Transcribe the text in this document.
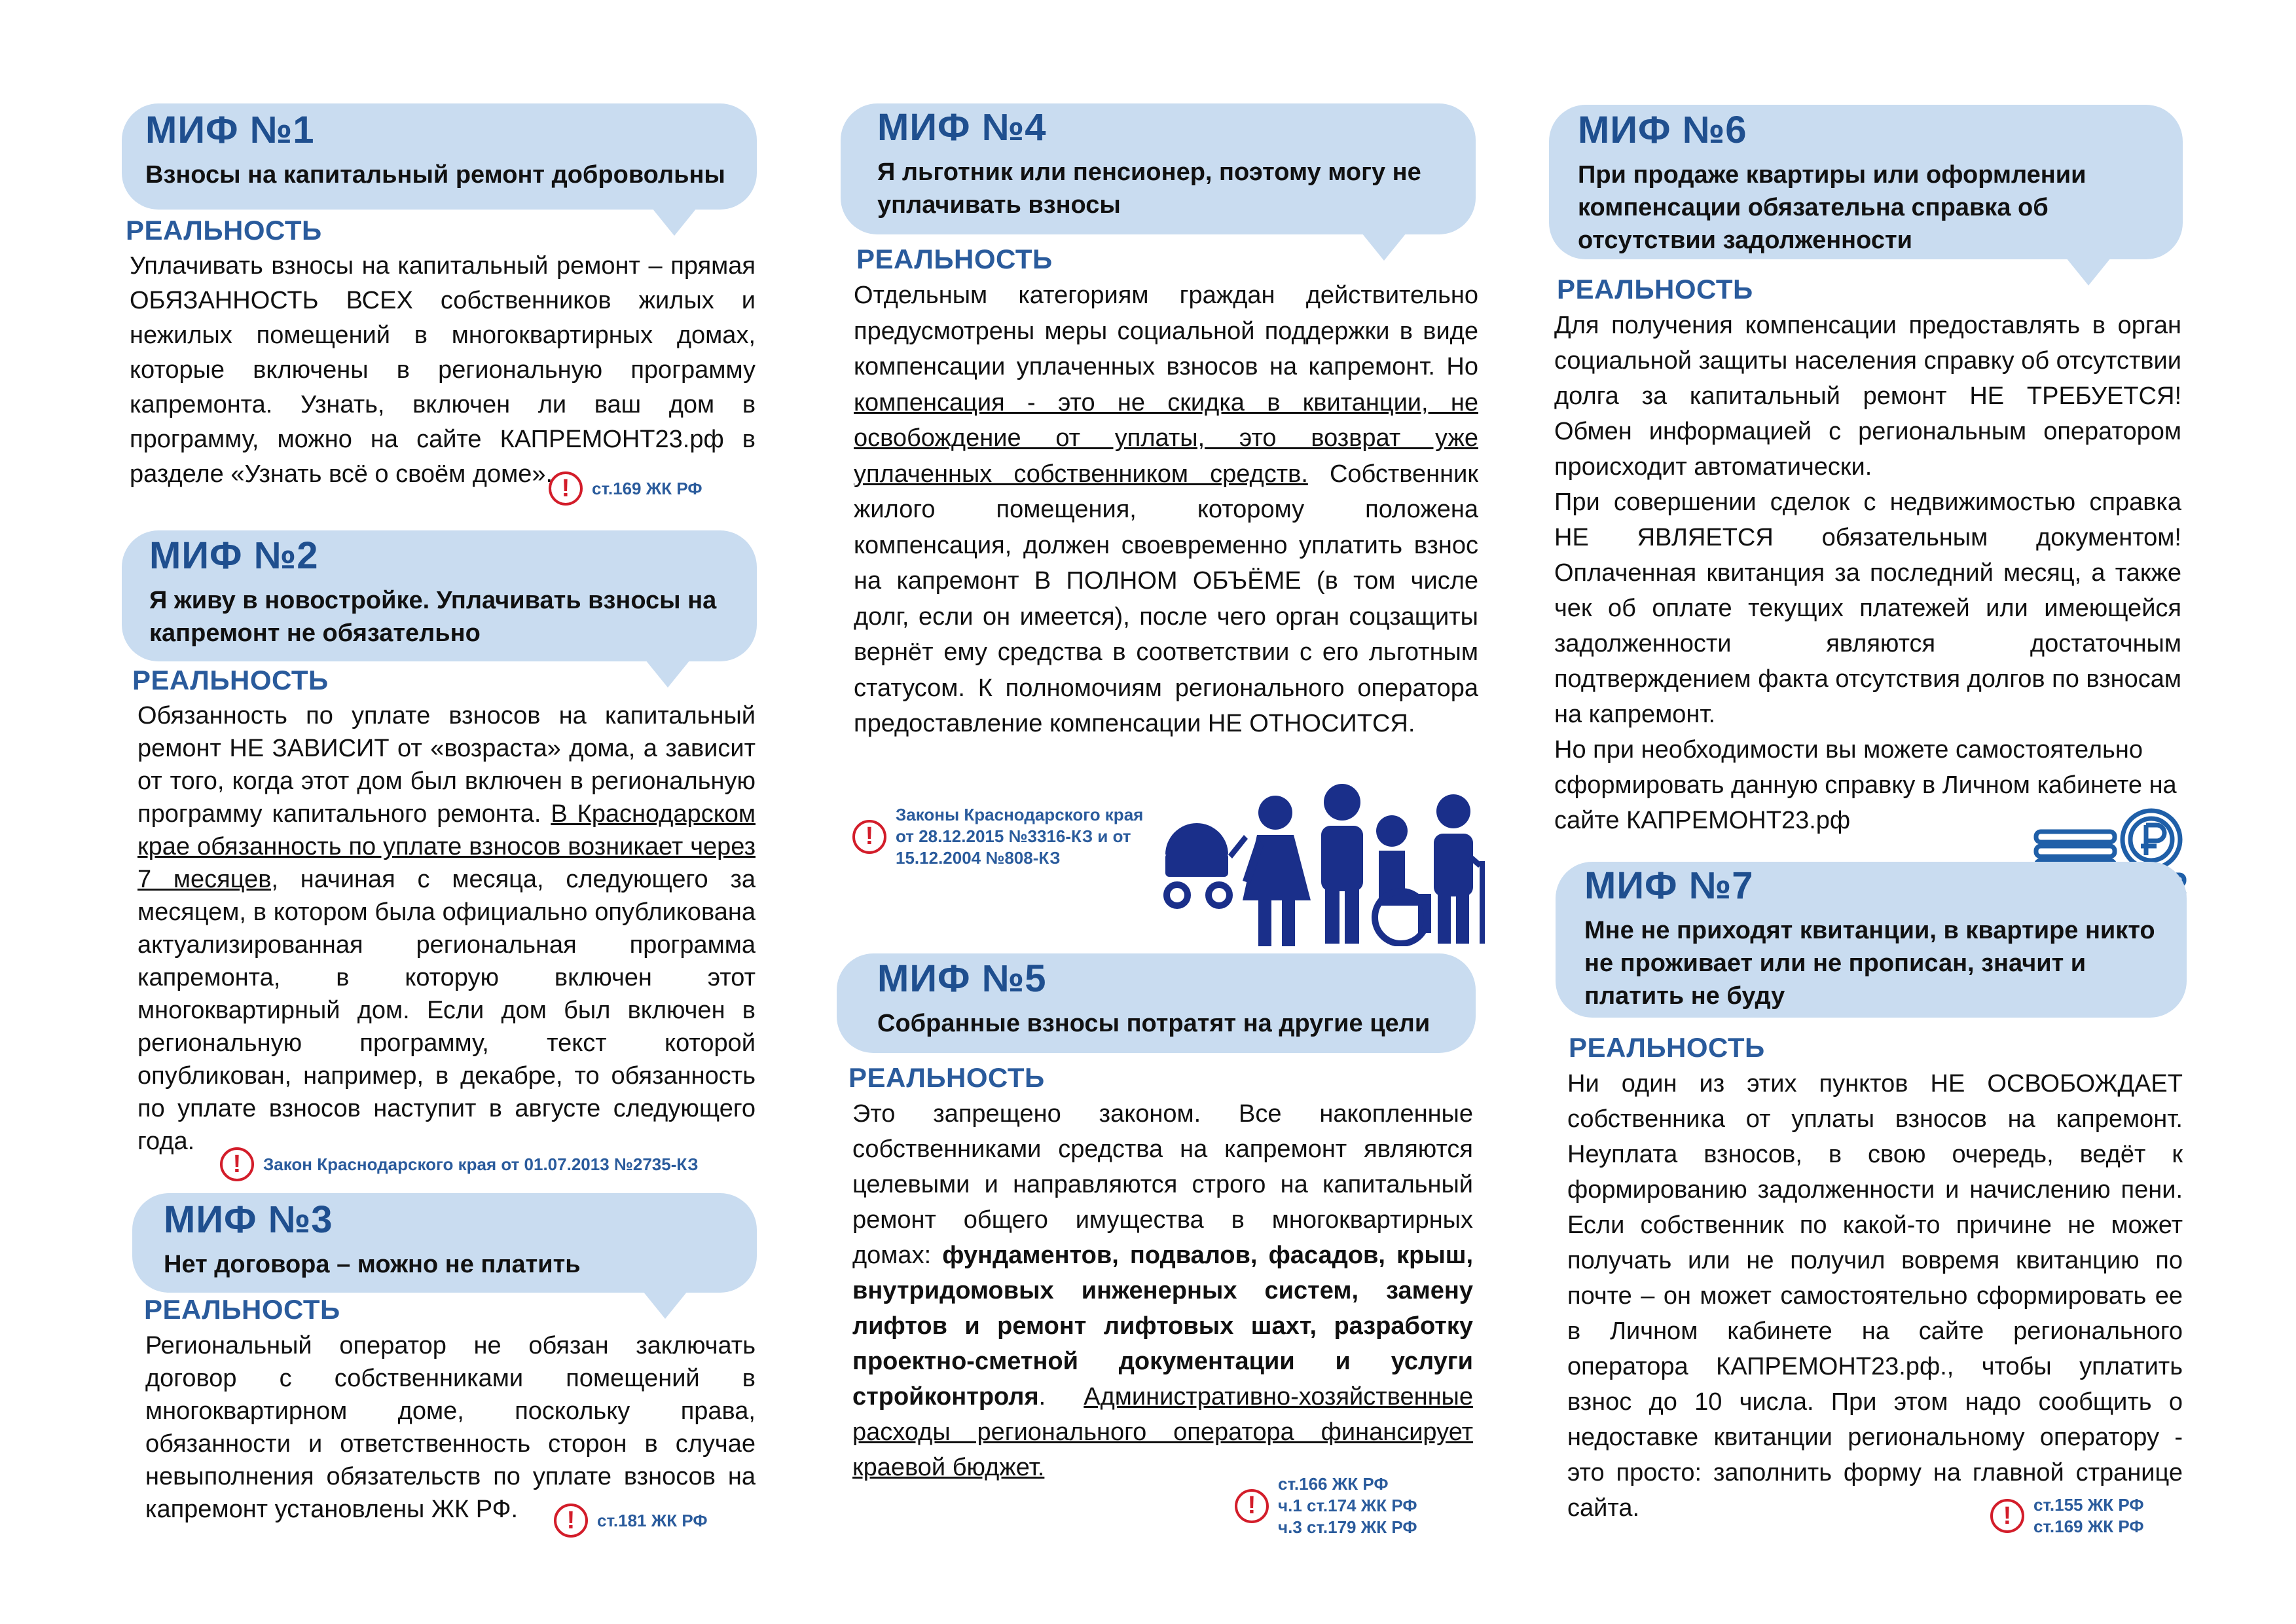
МИФ №1
Взносы на капитальный ремонт добровольны
РЕАЛЬНОСТЬ
Уплачивать взносы на капитальный ремонт – прямая ОБЯЗАННОСТЬ ВСЕХ собственников жилых и нежилых помещений в многоквартирных домах, которые включены в региональную программу капремонта. Узнать, включен ли ваш дом в программу, можно на сайте КАПРЕМОНТ23.рф в разделе «Узнать всё о своём доме».
!	ст.169 ЖК РФ
МИФ №2
Я живу в новостройке. Уплачивать взносы на капремонт не обязательно
РЕАЛЬНОСТЬ
Обязанность по уплате взносов на капитальный ремонт НЕ ЗАВИСИТ от «возраста» дома, а зависит от того, когда этот дом был включен в региональную программу капитального ремонта. В Краснодарском крае обязанность по уплате взносов возникает через 7 месяцев, начиная с месяца, следующего за месяцем, в котором была официально опубликована актуализированная региональная программа капремонта, в которую включен этот многоквартирный дом. Если дом был включен в региональную программу, текст которой опубликован, например, в декабре, то обязанность по уплате взносов наступит в августе следующего года.
!	Закон Краснодарского края от 01.07.2013 №2735-КЗ
МИФ №3
Нет договора – можно не платить
РЕАЛЬНОСТЬ
Региональный оператор не обязан заключать договор с собственниками помещений в многоквартирном доме, поскольку права, обязанности и ответственность сторон в случае невыполнения обязательств по уплате взносов на капремонт установлены ЖК РФ.	!	ст.181 ЖК РФ
МИФ №4
Я льготник или пенсионер, поэтому могу не уплачивать взносы
РЕАЛЬНОСТЬ
Отдельным категориям граждан действительно предусмотрены меры социальной поддержки в виде компенсации уплаченных взносов на капремонт. Но компенсация - это не скидка в квитанции, не освобождение от уплаты, это возврат уже уплаченных собственником средств. Собственник жилого помещения, которому положена компенсация, должен своевременно уплатить взнос на капремонт В ПОЛНОМ ОБЪЁМЕ (в том числе долг, если он имеется), после чего орган соцзащиты вернёт ему средства в соответствии с его льготным статусом. К полномочиям регионального оператора предоставление компенсации НЕ ОТНОСИТСЯ.
!
Законы Краснодарского края
от 28.12.2015 №3316-КЗ и от
15.12.2004 №808-КЗ
МИФ №5
Собранные взносы потратят на другие цели
РЕАЛЬНОСТЬ
Это запрещено законом. Все накопленные собственниками средства на капремонт являются целевыми и направляются строго на капитальный ремонт общего имущества в многоквартирных домах: фундаментов, подвалов, фасадов, крыш, внутридомовых инженерных систем, замену лифтов и ремонт лифтовых шахт, разработку проектно-сметной документации и услуги стройконтроля. Административно-хозяйственные расходы регионального оператора финансирует краевой бюджет.
!
ст.166 ЖК РФ
ч.1 ст.174 ЖК РФ
ч.3 ст.179 ЖК РФ
МИФ №6
При продаже квартиры или оформлении компенсации обязательна справка об отсутствии задолженности
РЕАЛЬНОСТЬ

Для получения компенсации предоставлять в орган социальной защиты населения справку об отсутствии долга за капитальный ремонт НЕ ТРЕБУЕТСЯ! Обмен информацией с региональным оператором происходит автоматически.

При совершении сделок с недвижимостью справка НЕ ЯВЛЯЕТСЯ обязательным документом! Оплаченная квитанция за последний месяц, а также чек об оплате текущих платежей или имеющейся задолженности являются достаточным подтверждением факта отсутствия долгов по взносам на капремонт.

Но при необходимости вы можете самостоятельно сформировать данную справку в Личном кабинете на сайте КАПРЕМОНТ23.рф

МИФ №7
Мне не приходят квитанции, в квартире никто не проживает или не прописан, значит и платить не буду
РЕАЛЬНОСТЬ
Ни один из этих пунктов НЕ ОСВОБОЖДАЕТ собственника от уплаты взносов на капремонт. Неуплата взносов, в свою очередь, ведёт к формированию задолженности и начислению пени. Если собственник по какой-то причине не может получать или не получил вовремя квитанцию по почте – он может самостоятельно сформировать ее в Личном кабинете на сайте регионального оператора КАПРЕМОНТ23.рф., чтобы уплатить взнос до 10 числа. При этом надо сообщить о недоставке квитанции региональному оператору - это просто: заполнить форму на главной странице сайта.	!	ст.155 ЖК РФ
ст.169 ЖК РФ
